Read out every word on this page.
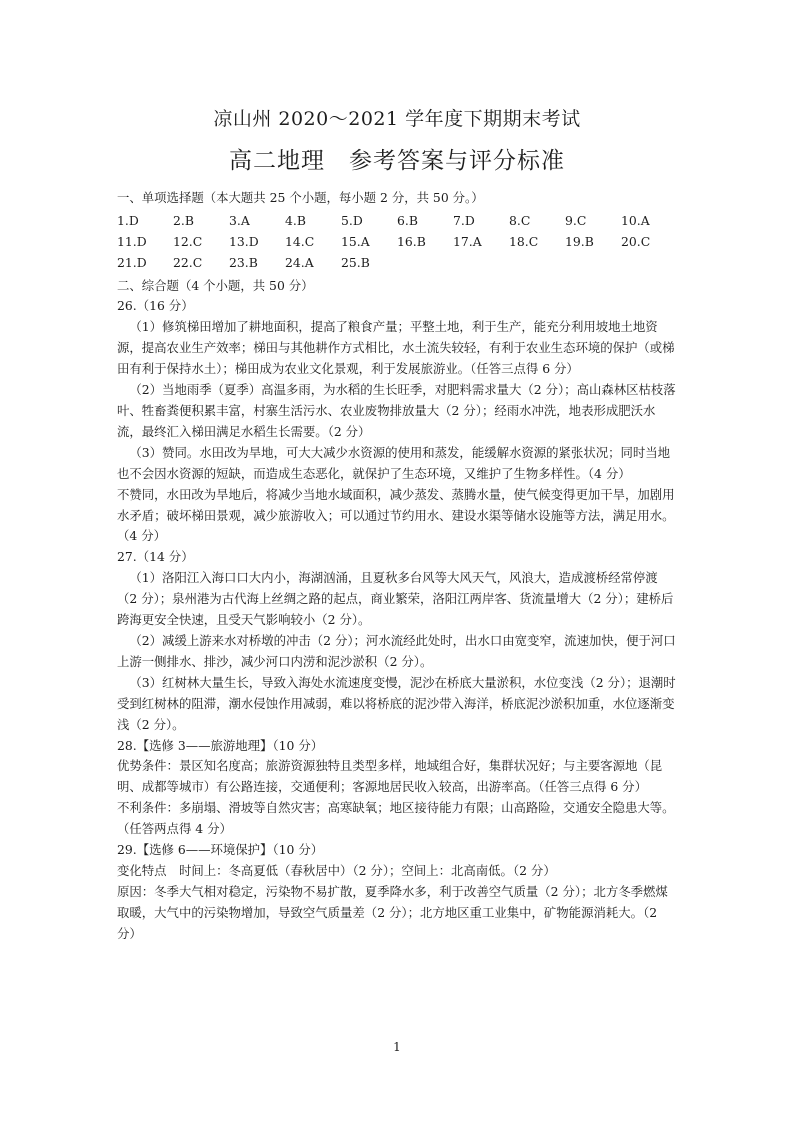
凉山州 2020～2021 学年度下期期末考试
高二地理　参考答案与评分标准

一、单项选择题（本大题共 25 个小题，每小题 2 分，共 50 分。）

1.D	2.B	3.A	4.B	5.D	6.B	7.D	8.C	9.C	10.A
11.D	12.C	13.D	14.C	15.A	16.B	17.A	18.C	19.B	20.C
21.D	22.C	23.B	24.A	25.B

二、综合题（4 个小题，共 50 分）

26.（16 分）

（1）修筑梯田增加了耕地面积，提高了粮食产量；平整土地，利于生产，能充分利用坡地土地资源，提高农业生产效率；梯田与其他耕作方式相比，水土流失较轻，有利于农业生态环境的保护（或梯田有利于保持水土）；梯田成为农业文化景观，利于发展旅游业。（任答三点得 6 分）

（2）当地雨季（夏季）高温多雨，为水稻的生长旺季，对肥料需求量大（2 分）；高山森林区枯枝落叶、牲畜粪便积累丰富，村寨生活污水、农业废物排放量大（2 分）；经雨水冲洗，地表形成肥沃水流，最终汇入梯田满足水稻生长需要。（2 分）

（3）赞同。水田改为旱地，可大大减少水资源的使用和蒸发，能缓解水资源的紧张状况；同时当地也不会因水资源的短缺，而造成生态恶化，就保护了生态环境，又维护了生物多样性。（4 分）

不赞同，水田改为旱地后，将减少当地水域面积，减少蒸发、蒸腾水量，使气候变得更加干旱，加剧用水矛盾；破坏梯田景观，减少旅游收入；可以通过节约用水、建设水渠等储水设施等方法，满足用水。（4 分）

27.（14 分）

（1）洛阳江入海口口大内小，海湖汹涌，且夏秋多台风等大风天气，风浪大，造成渡桥经常停渡（2 分）；泉州港为古代海上丝绸之路的起点，商业繁荣，洛阳江两岸客、货流量增大（2 分）；建桥后跨海更安全快速，且受天气影响较小（2 分）。

（2）减缓上游来水对桥墩的冲击（2 分）；河水流经此处时，出水口由宽变窄，流速加快，便于河口上游一侧排水、排沙，减少河口内涝和泥沙淤积（2 分）。

（3）红树林大量生长，导致入海处水流速度变慢，泥沙在桥底大量淤积，水位变浅（2 分）；退潮时受到红树林的阻滞，潮水侵蚀作用减弱，难以将桥底的泥沙带入海洋，桥底泥沙淤积加重，水位逐渐变浅（2 分）。

28.【选修 3——旅游地理】（10 分）

优势条件：景区知名度高；旅游资源独特且类型多样，地域组合好，集群状况好；与主要客源地（昆明、成都等城市）有公路连接，交通便利；客源地居民收入较高，出游率高。（任答三点得 6 分）

不利条件：多崩塌、滑坡等自然灾害；高寒缺氧；地区接待能力有限；山高路险，交通安全隐患大等。（任答两点得 4 分）

29.【选修 6——环境保护】（10 分）

变化特点　时间上：冬高夏低（春秋居中）（2 分）；空间上：北高南低。（2 分）

原因：冬季大气相对稳定，污染物不易扩散，夏季降水多，利于改善空气质量（2 分）；北方冬季燃煤取暖，大气中的污染物增加，导致空气质量差（2 分）；北方地区重工业集中，矿物能源消耗大。（2 分）

1
